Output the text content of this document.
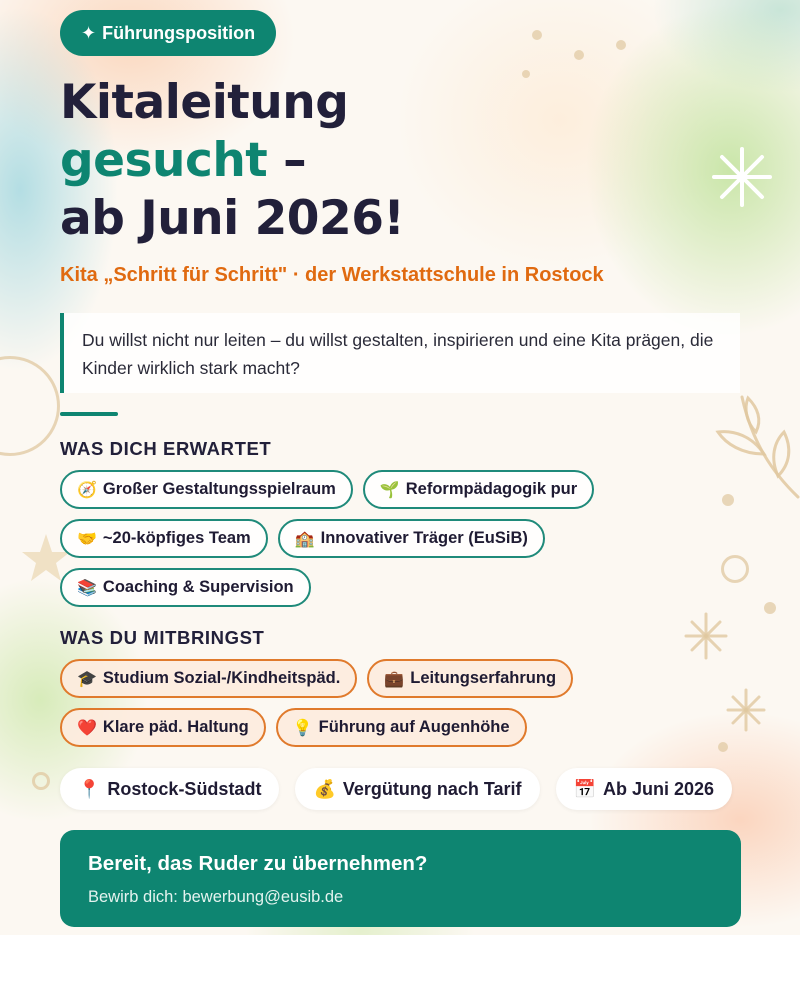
✦ Führungsposition
Kitaleitung
gesucht –
ab Juni 2026!
Kita „Schritt für Schritt" · der Werkstattschule in Rostock
Du willst nicht nur leiten – du willst gestalten, inspirieren und eine Kita prägen, die Kinder wirklich stark macht?
WAS DICH ERWARTET
🧭 Großer Gestaltungsspielraum	🌱 Reformpädagogik pur
🤝 ~20-köpfiges Team	🏫 Innovativer Träger (EuSiB)
📚 Coaching & Supervision
WAS DU MITBRINGST
🎓 Studium Sozial-/Kindheitspäd.	💼 Leitungserfahrung
❤️ Klare päd. Haltung	💡 Führung auf Augenhöhe
📍 Rostock-Südstadt	💰 Vergütung nach Tarif	📅 Ab Juni 2026
Bereit, das Ruder zu übernehmen?
Bewirb dich: bewerbung@eusib.de
